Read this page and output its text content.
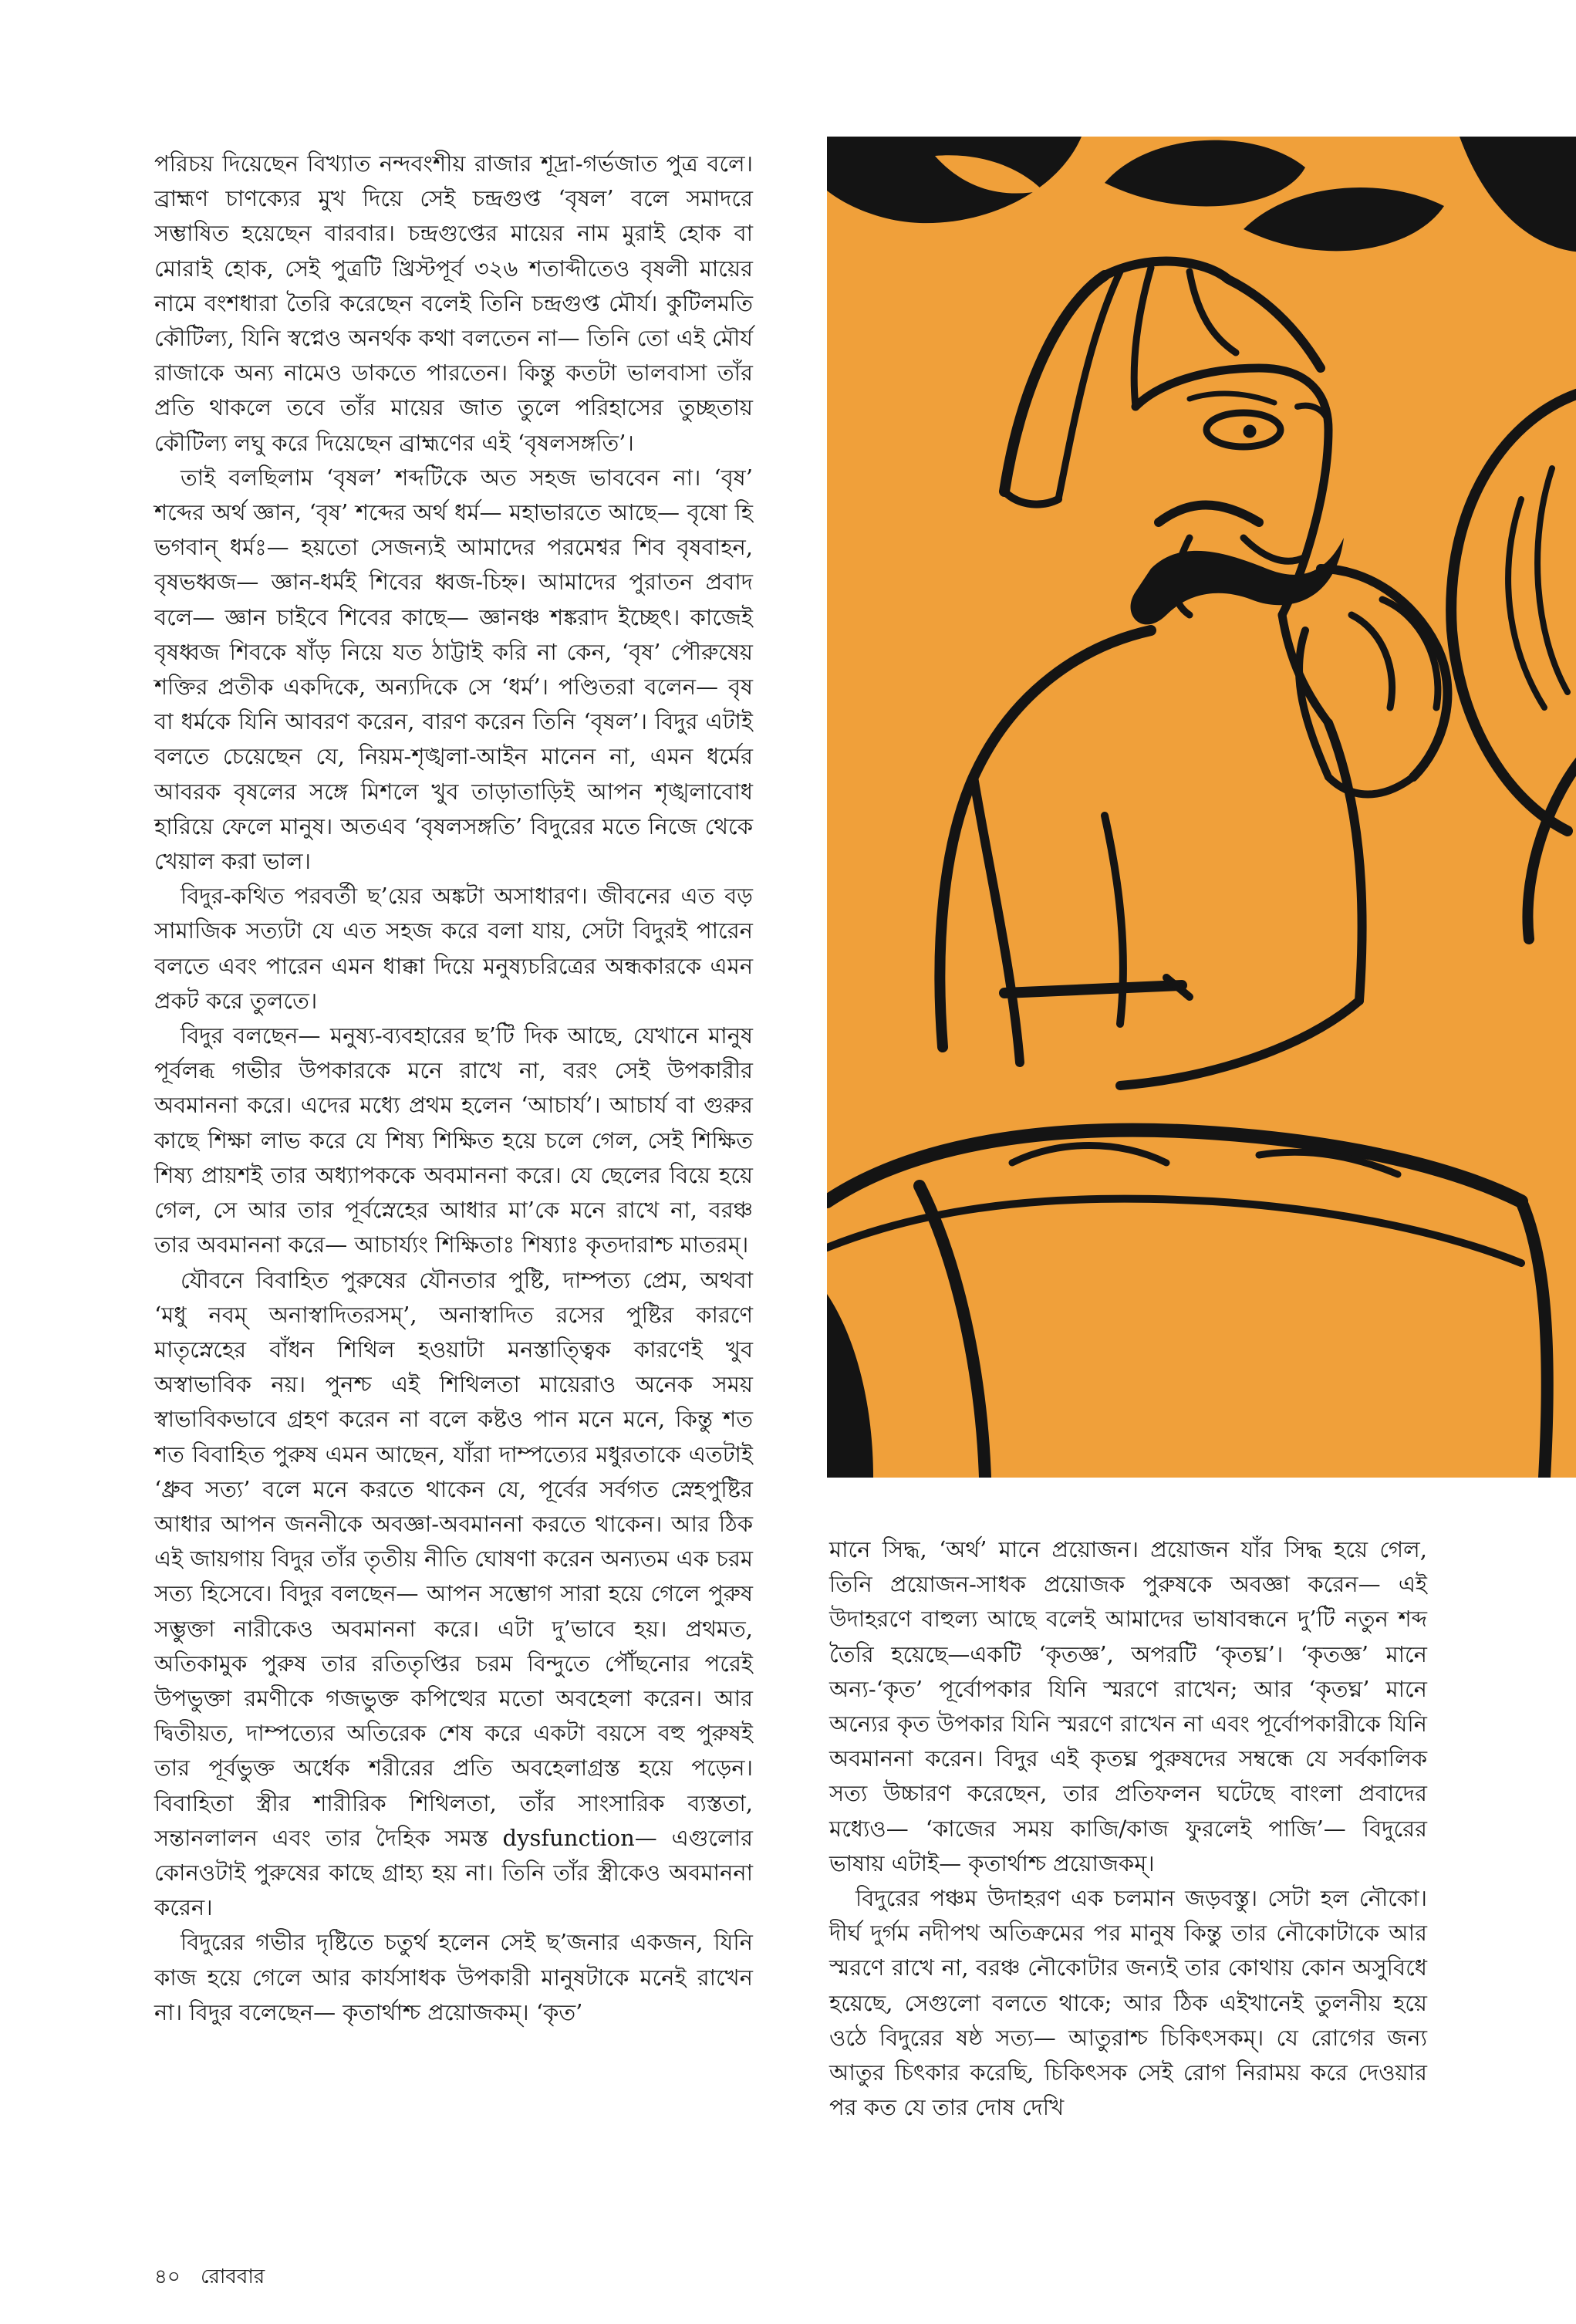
পরিচয় দিয়েছেন বিখ্যাত নন্দবংশীয় রাজার শূদ্রা-গর্ভজাত পুত্র বলে। ব্রাহ্মণ চাণক্যের মুখ দিয়ে সেই চন্দ্রগুপ্ত ‘বৃষল’ বলে সমাদরে সম্ভাষিত হয়েছেন বারবার। চন্দ্রগুপ্তের মায়ের নাম মুরাই হোক বা মোরাই হোক, সেই পুত্রটি খ্রিস্টপূর্ব ৩২৬ শতাব্দীতেও বৃষলী মায়ের নামে বংশধারা তৈরি করেছেন বলেই তিনি চন্দ্রগুপ্ত মৌর্য। কুটিলমতি কৌটিল্য, যিনি স্বপ্নেও অনর্থক কথা বলতেন না— তিনি তো এই মৌর্য রাজাকে অন্য নামেও ডাকতে পারতেন। কিন্তু কতটা ভালবাসা তাঁর প্রতি থাকলে তবে তাঁর মায়ের জাত তুলে পরিহাসের তুচ্ছতায় কৌটিল্য লঘু করে দিয়েছেন ব্রাহ্মণের এই ‘বৃষলসঙ্গতি’।

তাই বলছিলাম ‘বৃষল’ শব্দটিকে অত সহজ ভাববেন না। ‘বৃষ’ শব্দের অর্থ জ্ঞান, ‘বৃষ’ শব্দের অর্থ ধর্ম— মহাভারতে আছে— বৃষো হি ভগবান্ ধর্মঃ— হয়তো সেজন্যই আমাদের পরমেশ্বর শিব বৃষবাহন, বৃষভধ্বজ— জ্ঞান-ধর্মই শিবের ধ্বজ-চিহ্ন। আমাদের পুরাতন প্রবাদ বলে— জ্ঞান চাইবে শিবের কাছে— জ্ঞানঞ্চ শঙ্করাদ ইচ্ছেৎ। কাজেই বৃষধ্বজ শিবকে ষাঁড় নিয়ে যত ঠাট্টাই করি না কেন, ‘বৃষ’ পৌরুষেয় শক্তির প্রতীক একদিকে, অন্যদিকে সে ‘ধর্ম’। পণ্ডিতরা বলেন— বৃষ বা ধর্মকে যিনি আবরণ করেন, বারণ করেন তিনি ‘বৃষল’। বিদুর এটাই বলতে চেয়েছেন যে, নিয়ম-শৃঙ্খলা-আইন মানেন না, এমন ধর্মের আবরক বৃষলের সঙ্গে মিশলে খুব তাড়াতাড়িই আপন শৃঙ্খলাবোধ হারিয়ে ফেলে মানুষ। অতএব ‘বৃষলসঙ্গতি’ বিদুরের মতে নিজে থেকে খেয়াল করা ভাল।

বিদুর-কথিত পরবর্তী ছ’য়ের অঙ্কটা অসাধারণ। জীবনের এত বড় সামাজিক সত্যটা যে এত সহজ করে বলা যায়, সেটা বিদুরই পারেন বলতে এবং পারেন এমন ধাক্কা দিয়ে মনুষ্যচরিত্রের অন্ধকারকে এমন প্রকট করে তুলতে।

বিদুর বলছেন— মনুষ্য-ব্যবহারের ছ’টি দিক আছে, যেখানে মানুষ পূর্বলব্ধ গভীর উপকারকে মনে রাখে না, বরং সেই উপকারীর অবমাননা করে। এদের মধ্যে প্রথম হলেন ‘আচার্য’। আচার্য বা গুরুর কাছে শিক্ষা লাভ করে যে শিষ্য শিক্ষিত হয়ে চলে গেল, সেই শিক্ষিত শিষ্য প্রায়শই তার অধ্যাপককে অবমাননা করে। যে ছেলের বিয়ে হয়ে গেল, সে আর তার পূর্বস্নেহের আধার মা’কে মনে রাখে না, বরঞ্চ তার অবমাননা করে— আচার্য্যং শিক্ষিতাঃ শিষ্যাঃ কৃতদারাশ্চ মাতরম্।

যৌবনে বিবাহিত পুরুষের যৌনতার পুষ্টি, দাম্পত্য প্রেম, অথবা ‘মধু নবম্ অনাস্বাদিতরসম্’, অনাস্বাদিত রসের পুষ্টির কারণে মাতৃস্নেহের বাঁধন শিথিল হওয়াটা মনস্তাত্ত্বিক কারণেই খুব অস্বাভাবিক নয়। পুনশ্চ এই শিথিলতা মায়েরাও অনেক সময় স্বাভাবিকভাবে গ্রহণ করেন না বলে কষ্টও পান মনে মনে, কিন্তু শত শত বিবাহিত পুরুষ এমন আছেন, যাঁরা দাম্পত্যের মধুরতাকে এতটাই ‘ধ্রুব সত্য’ বলে মনে করতে থাকেন যে, পূর্বের সর্বগত স্নেহপুষ্টির আধার আপন জননীকে অবজ্ঞা-অবমাননা করতে থাকেন। আর ঠিক এই জায়গায় বিদুর তাঁর তৃতীয় নীতি ঘোষণা করেন অন্যতম এক চরম সত্য হিসেবে। বিদুর বলছেন— আপন সম্ভোগ সারা হয়ে গেলে পুরুষ সম্ভুক্তা নারীকেও অবমাননা করে। এটা দু’ভাবে হয়। প্রথমত, অতিকামুক পুরুষ তার রতিতৃপ্তির চরম বিন্দুতে পৌঁছনোর পরেই উপভুক্তা রমণীকে গজভুক্ত কপিত্থের মতো অবহেলা করেন। আর দ্বিতীয়ত, দাম্পত্যের অতিরেক শেষ করে একটা বয়সে বহু পুরুষই তার পূর্বভুক্ত অর্ধেক শরীরের প্রতি অবহেলাগ্রস্ত হয়ে পড়েন। বিবাহিতা স্ত্রীর শারীরিক শিথিলতা, তাঁর সাংসারিক ব্যস্ততা, সন্তানলালন এবং তার দৈহিক সমস্ত dysfunction— এগুলোর কোনওটাই পুরুষের কাছে গ্রাহ্য হয় না। তিনি তাঁর স্ত্রীকেও অবমাননা করেন।

বিদুরের গভীর দৃষ্টিতে চতুর্থ হলেন সেই ছ’জনার একজন, যিনি কাজ হয়ে গেলে আর কার্যসাধক উপকারী মানুষটাকে মনেই রাখেন না। বিদুর বলেছেন— কৃতার্থাশ্চ প্রয়োজকম্। ‘কৃত’

মানে সিদ্ধ, ‘অর্থ’ মানে প্রয়োজন। প্রয়োজন যাঁর সিদ্ধ হয়ে গেল, তিনি প্রয়োজন-সাধক প্রয়োজক পুরুষকে অবজ্ঞা করেন— এই উদাহরণে বাহুল্য আছে বলেই আমাদের ভাষাবন্ধনে দু’টি নতুন শব্দ তৈরি হয়েছে—একটি ‘কৃতজ্ঞ’, অপরটি ‘কৃতঘ্ন’। ‘কৃতজ্ঞ’ মানে অন্য-‘কৃত’ পূর্বোপকার যিনি স্মরণে রাখেন; আর ‘কৃতঘ্ন’ মানে অন্যের কৃত উপকার যিনি স্মরণে রাখেন না এবং পূর্বোপকারীকে যিনি অবমাননা করেন। বিদুর এই কৃতঘ্ন পুরুষদের সম্বন্ধে যে সর্বকালিক সত্য উচ্চারণ করেছেন, তার প্রতিফলন ঘটেছে বাংলা প্রবাদের মধ্যেও— ‘কাজের সময় কাজি/কাজ ফুরলেই পাজি’— বিদুরের ভাষায় এটাই— কৃতার্থাশ্চ প্রয়োজকম্।

বিদুরের পঞ্চম উদাহরণ এক চলমান জড়বস্তু। সেটা হল নৌকো। দীর্ঘ দুর্গম নদীপথ অতিক্রমের পর মানুষ কিন্তু তার নৌকোটাকে আর স্মরণে রাখে না, বরঞ্চ নৌকোটার জন্যই তার কোথায় কোন অসুবিধে হয়েছে, সেগুলো বলতে থাকে; আর ঠিক এইখানেই তুলনীয় হয়ে ওঠে বিদুরের ষষ্ঠ সত্য— আতুরাশ্চ চিকিৎসকম্। যে রোগের জন্য আতুর চিৎকার করেছি, চিকিৎসক সেই রোগ নিরাময় করে দেওয়ার পর কত যে তার দোষ দেখি

৪০ রোববার
